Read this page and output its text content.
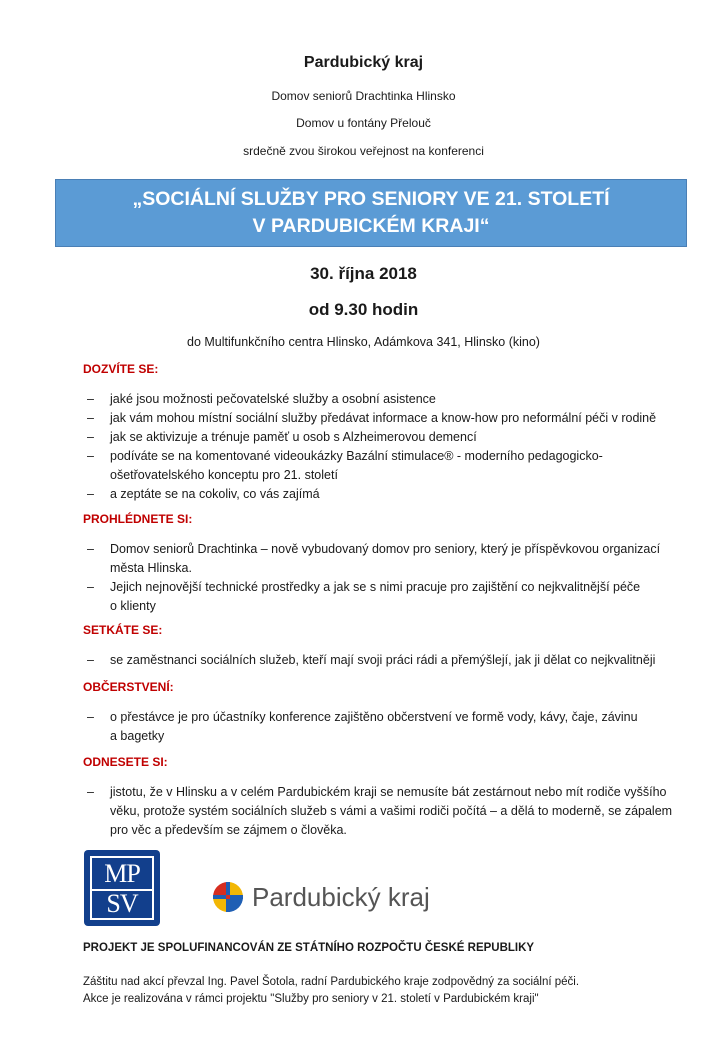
Pardubický kraj
Domov seniorů Drachtinka Hlinsko
Domov u fontány Přelouč
srdečně zvou širokou veřejnost na konferenci
„SOCIÁLNÍ SLUŽBY PRO SENIORY VE 21. STOLETÍ
V PARDUBICKÉM KRAJI“
30. října 2018
od 9.30 hodin
do Multifunkčního centra Hlinsko, Adámkova 341, Hlinsko (kino)
DOZVÍTE SE:
– jaké jsou možnosti pečovatelské služby a osobní asistence
– jak vám mohou místní sociální služby předávat informace a know-how pro neformální péči v rodině
– jak se aktivizuje a trénuje paměť u osob s Alzheimerovou demencí
– podíváte se na komentované videoukázky Bazální stimulace® - moderního pedagogicko-ošetřovatelského konceptu pro 21. století
– a zeptáte se na cokoliv, co vás zajímá
PROHLÉDNETE SI:
– Domov seniorů Drachtinka – nově vybudovaný domov pro seniory, který je příspěvkovou organizací města Hlinska.
– Jejich nejnovější technické prostředky a jak se s nimi pracuje pro zajištění co nejkvalitnější péče o klienty
SETKÁTE SE:
– se zaměstnanci sociálních služeb, kteří mají svoji práci rádi a přemýšlejí, jak ji dělat co nejkvalitněji
OBČERSTVENÍ:
– o přestávce je pro účastníky konference zajištěno občerstvení ve formě vody, kávy, čaje, závinu a bagetky
ODNESETE SI:
– jistotu, že v Hlinsku a v celém Pardubickém kraji se nemusíte bát zestárnout nebo mít rodiče vyššího věku, protože systém sociálních služeb s vámi a vašimi rodiči počítá – a dělá to moderně, se zápalem pro věc a především se zájmem o člověka.
MP
SV	Pardubický kraj
PROJEKT JE SPOLUFINANCOVÁN ZE STÁTNÍHO ROZPOČTU ČESKÉ REPUBLIKY
Záštitu nad akcí převzal Ing. Pavel Šotola, radní Pardubického kraje zodpovědný za sociální péči.
Akce je realizována v rámci projektu "Služby pro seniory v 21. století v Pardubickém kraji"
